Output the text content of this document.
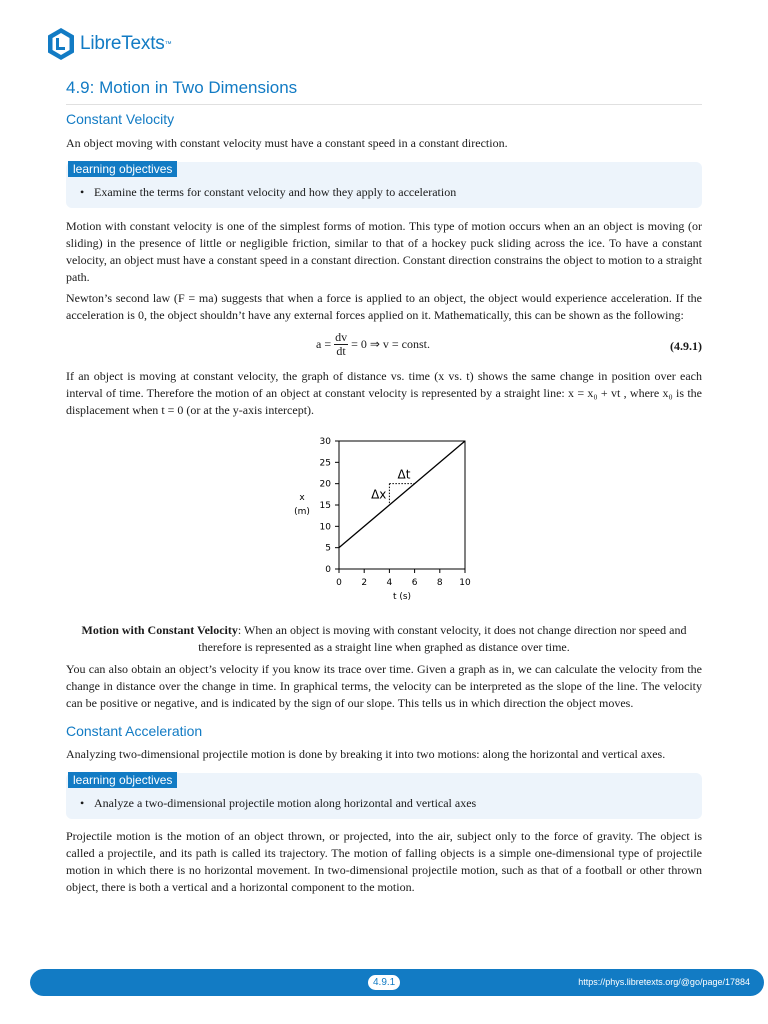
LibreTexts ™
4.9: Motion in Two Dimensions
Constant Velocity

An object moving with constant velocity must have a constant speed in a constant direction.

learning objectives
• Examine the terms for constant velocity and how they apply to acceleration

Motion with constant velocity is one of the simplest forms of motion. This type of motion occurs when an an object is moving (or sliding) in the presence of little or negligible friction, similar to that of a hockey puck sliding across the ice. To have a constant velocity, an object must have a constant speed in a constant direction. Constant direction constrains the object to motion to a straight path.

Newton’s second law (F = ma) suggests that when a force is applied to an object, the object would experience acceleration. If the acceleration is 0, the object shouldn’t have any external forces applied on it. Mathematically, this can be shown as the following:

$a = \frac{dv}{dt} = 0$ ⇒ v = const.	(4.9.1)

If an object is moving at constant velocity, the graph of distance vs. time (x vs. t) shows the same change in position over each interval of time. Therefore the motion of an object at constant velocity is represented by a straight line: x = x₀ + vt , where x₀ is the displacement when t = 0 (or at the y-axis intercept).

0 2 4 6 8 10
0
5
10
15
20
25
30
t (s)
x
(m)
Δt
Δx

Motion with Constant Velocity: When an object is moving with constant velocity, it does not change direction nor speed and therefore is represented as a straight line when graphed as distance over time.

You can also obtain an object’s velocity if you know its trace over time. Given a graph as in, we can calculate the velocity from the change in distance over the change in time. In graphical terms, the velocity can be interpreted as the slope of the line. The velocity can be positive or negative, and is indicated by the sign of our slope. This tells us in which direction the object moves.

Constant Acceleration

Analyzing two-dimensional projectile motion is done by breaking it into two motions: along the horizontal and vertical axes.

learning objectives
• Analyze a two-dimensional projectile motion along horizontal and vertical axes

Projectile motion is the motion of an object thrown, or projected, into the air, subject only to the force of gravity. The object is called a projectile, and its path is called its trajectory. The motion of falling objects is a simple one-dimensional type of projectile motion in which there is no horizontal movement. In two-dimensional projectile motion, such as that of a football or other thrown object, there is both a vertical and a horizontal component to the motion.

4.9.1	https://phys.libretexts.org/@go/page/17884
